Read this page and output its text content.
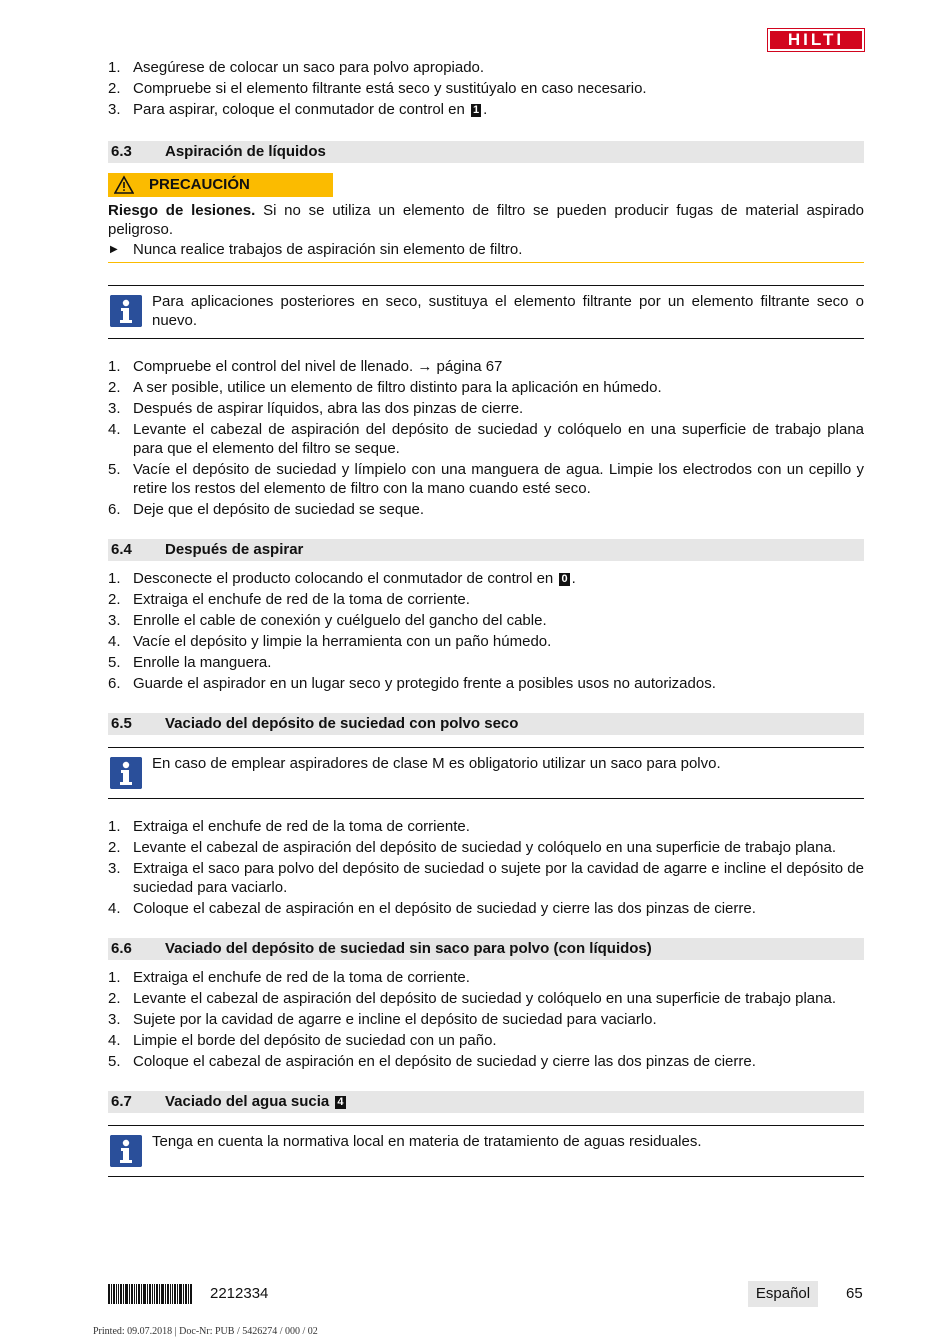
HILTI
1. Asegúrese de colocar un saco para polvo apropiado.
2. Compruebe si el elemento filtrante está seco y sustitúyalo en caso necesario.
3. Para aspirar, coloque el conmutador de control en 1 .
6.3 Aspiración de líquidos
PRECAUCIÓN

Riesgo de lesiones. Si no se utiliza un elemento de filtro se pueden producir fugas de material aspirado peligroso.

▶ Nunca realice trabajos de aspiración sin elemento de filtro.

Para aplicaciones posteriores en seco, sustituya el elemento filtrante por un elemento filtrante seco o nuevo.
1. Compruebe el control del nivel de llenado. → página 67
2. A ser posible, utilice un elemento de filtro distinto para la aplicación en húmedo.
3. Después de aspirar líquidos, abra las dos pinzas de cierre.
4. Levante el cabezal de aspiración del depósito de suciedad y colóquelo en una superficie de trabajo plana para que el elemento del filtro se seque.
5. Vacíe el depósito de suciedad y límpielo con una manguera de agua. Limpie los electrodos con un cepillo y retire los restos del elemento de filtro con la mano cuando esté seco.
6. Deje que el depósito de suciedad se seque.
6.4 Después de aspirar
1. Desconecte el producto colocando el conmutador de control en 0 .
2. Extraiga el enchufe de red de la toma de corriente.
3. Enrolle el cable de conexión y cuélguelo del gancho del cable.
4. Vacíe el depósito y limpie la herramienta con un paño húmedo.
5. Enrolle la manguera.
6. Guarde el aspirador en un lugar seco y protegido frente a posibles usos no autorizados.
6.5 Vaciado del depósito de suciedad con polvo seco
En caso de emplear aspiradores de clase M es obligatorio utilizar un saco para polvo.
1. Extraiga el enchufe de red de la toma de corriente.
2. Levante el cabezal de aspiración del depósito de suciedad y colóquelo en una superficie de trabajo plana.
3. Extraiga el saco para polvo del depósito de suciedad o sujete por la cavidad de agarre e incline el depósito de suciedad para vaciarlo.
4. Coloque el cabezal de aspiración en el depósito de suciedad y cierre las dos pinzas de cierre.
6.6 Vaciado del depósito de suciedad sin saco para polvo (con líquidos)
1. Extraiga el enchufe de red de la toma de corriente.
2. Levante el cabezal de aspiración del depósito de suciedad y colóquelo en una superficie de trabajo plana.
3. Sujete por la cavidad de agarre e incline el depósito de suciedad para vaciarlo.
4. Limpie el borde del depósito de suciedad con un paño.
5. Coloque el cabezal de aspiración en el depósito de suciedad y cierre las dos pinzas de cierre.
6.7 Vaciado del agua sucia 4
Tenga en cuenta la normativa local en materia de tratamiento de aguas residuales.
2212334	Español	65
Printed: 09.07.2018 | Doc-Nr: PUB / 5426274 / 000 / 02
